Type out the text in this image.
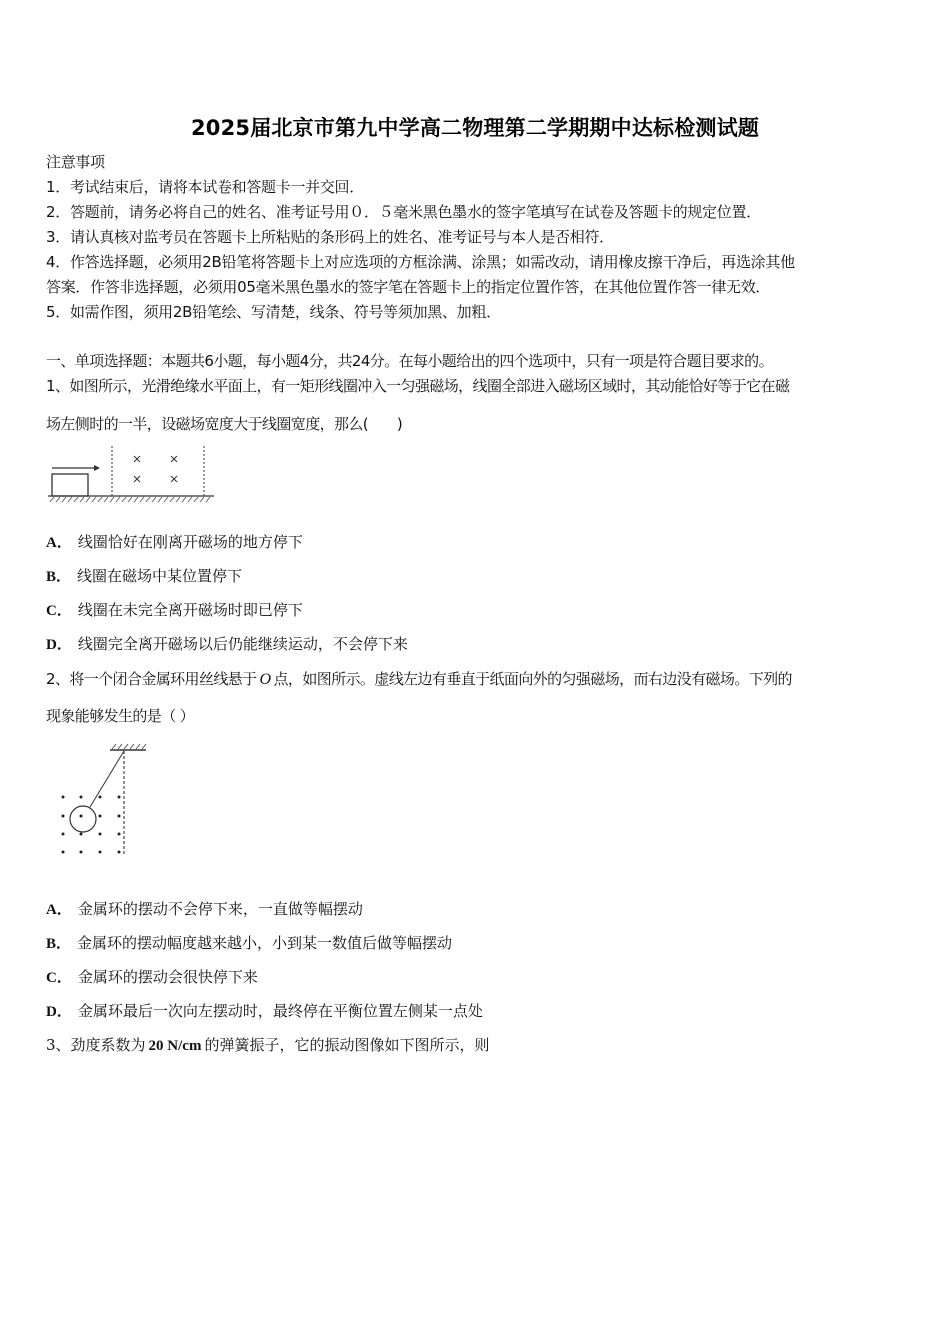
2025届北京市第九中学高二物理第二学期期中达标检测试题
注意事项
1．考试结束后，请将本试卷和答题卡一并交回．
2．答题前，请务必将自己的姓名、准考证号用０．５毫米黑色墨水的签字笔填写在试卷及答题卡的规定位置．
3．请认真核对监考员在答题卡上所粘贴的条形码上的姓名、准考证号与本人是否相符．
4．作答选择题，必须用2B铅笔将答题卡上对应选项的方框涂满、涂黑；如需改动，请用橡皮擦干净后，再选涂其他
答案．作答非选择题，必须用05毫米黑色墨水的签字笔在答题卡上的指定位置作答，在其他位置作答一律无效．
5．如需作图，须用2B铅笔绘、写清楚，线条、符号等须加黑、加粗．
一、单项选择题：本题共6小题，每小题4分，共24分。在每小题给出的四个选项中，只有一项是符合题目要求的。
1、如图所示，光滑绝缘水平面上，有一矩形线圈冲入一匀强磁场，线圈全部进入磁场区域时，其动能恰好等于它在磁
场左侧时的一半，设磁场宽度大于线圈宽度，那么(　　)
A． 线圈恰好在刚离开磁场的地方停下
B． 线圈在磁场中某位置停下
C． 线圈在未完全离开磁场时即已停下
D． 线圈完全离开磁场以后仍能继续运动，不会停下来
2、将一个闭合金属环用丝线悬于 O 点，如图所示。虚线左边有垂直于纸面向外的匀强磁场，而右边没有磁场。下列的
现象能够发生的是（ ）
A． 金属环的摆动不会停下来，一直做等幅摆动
B． 金属环的摆动幅度越来越小，小到某一数值后做等幅摆动
C． 金属环的摆动会很快停下来
D． 金属环最后一次向左摆动时，最终停在平衡位置左侧某一点处
3、劲度系数为 20 N/cm 的弹簧振子，它的振动图像如下图所示，则
